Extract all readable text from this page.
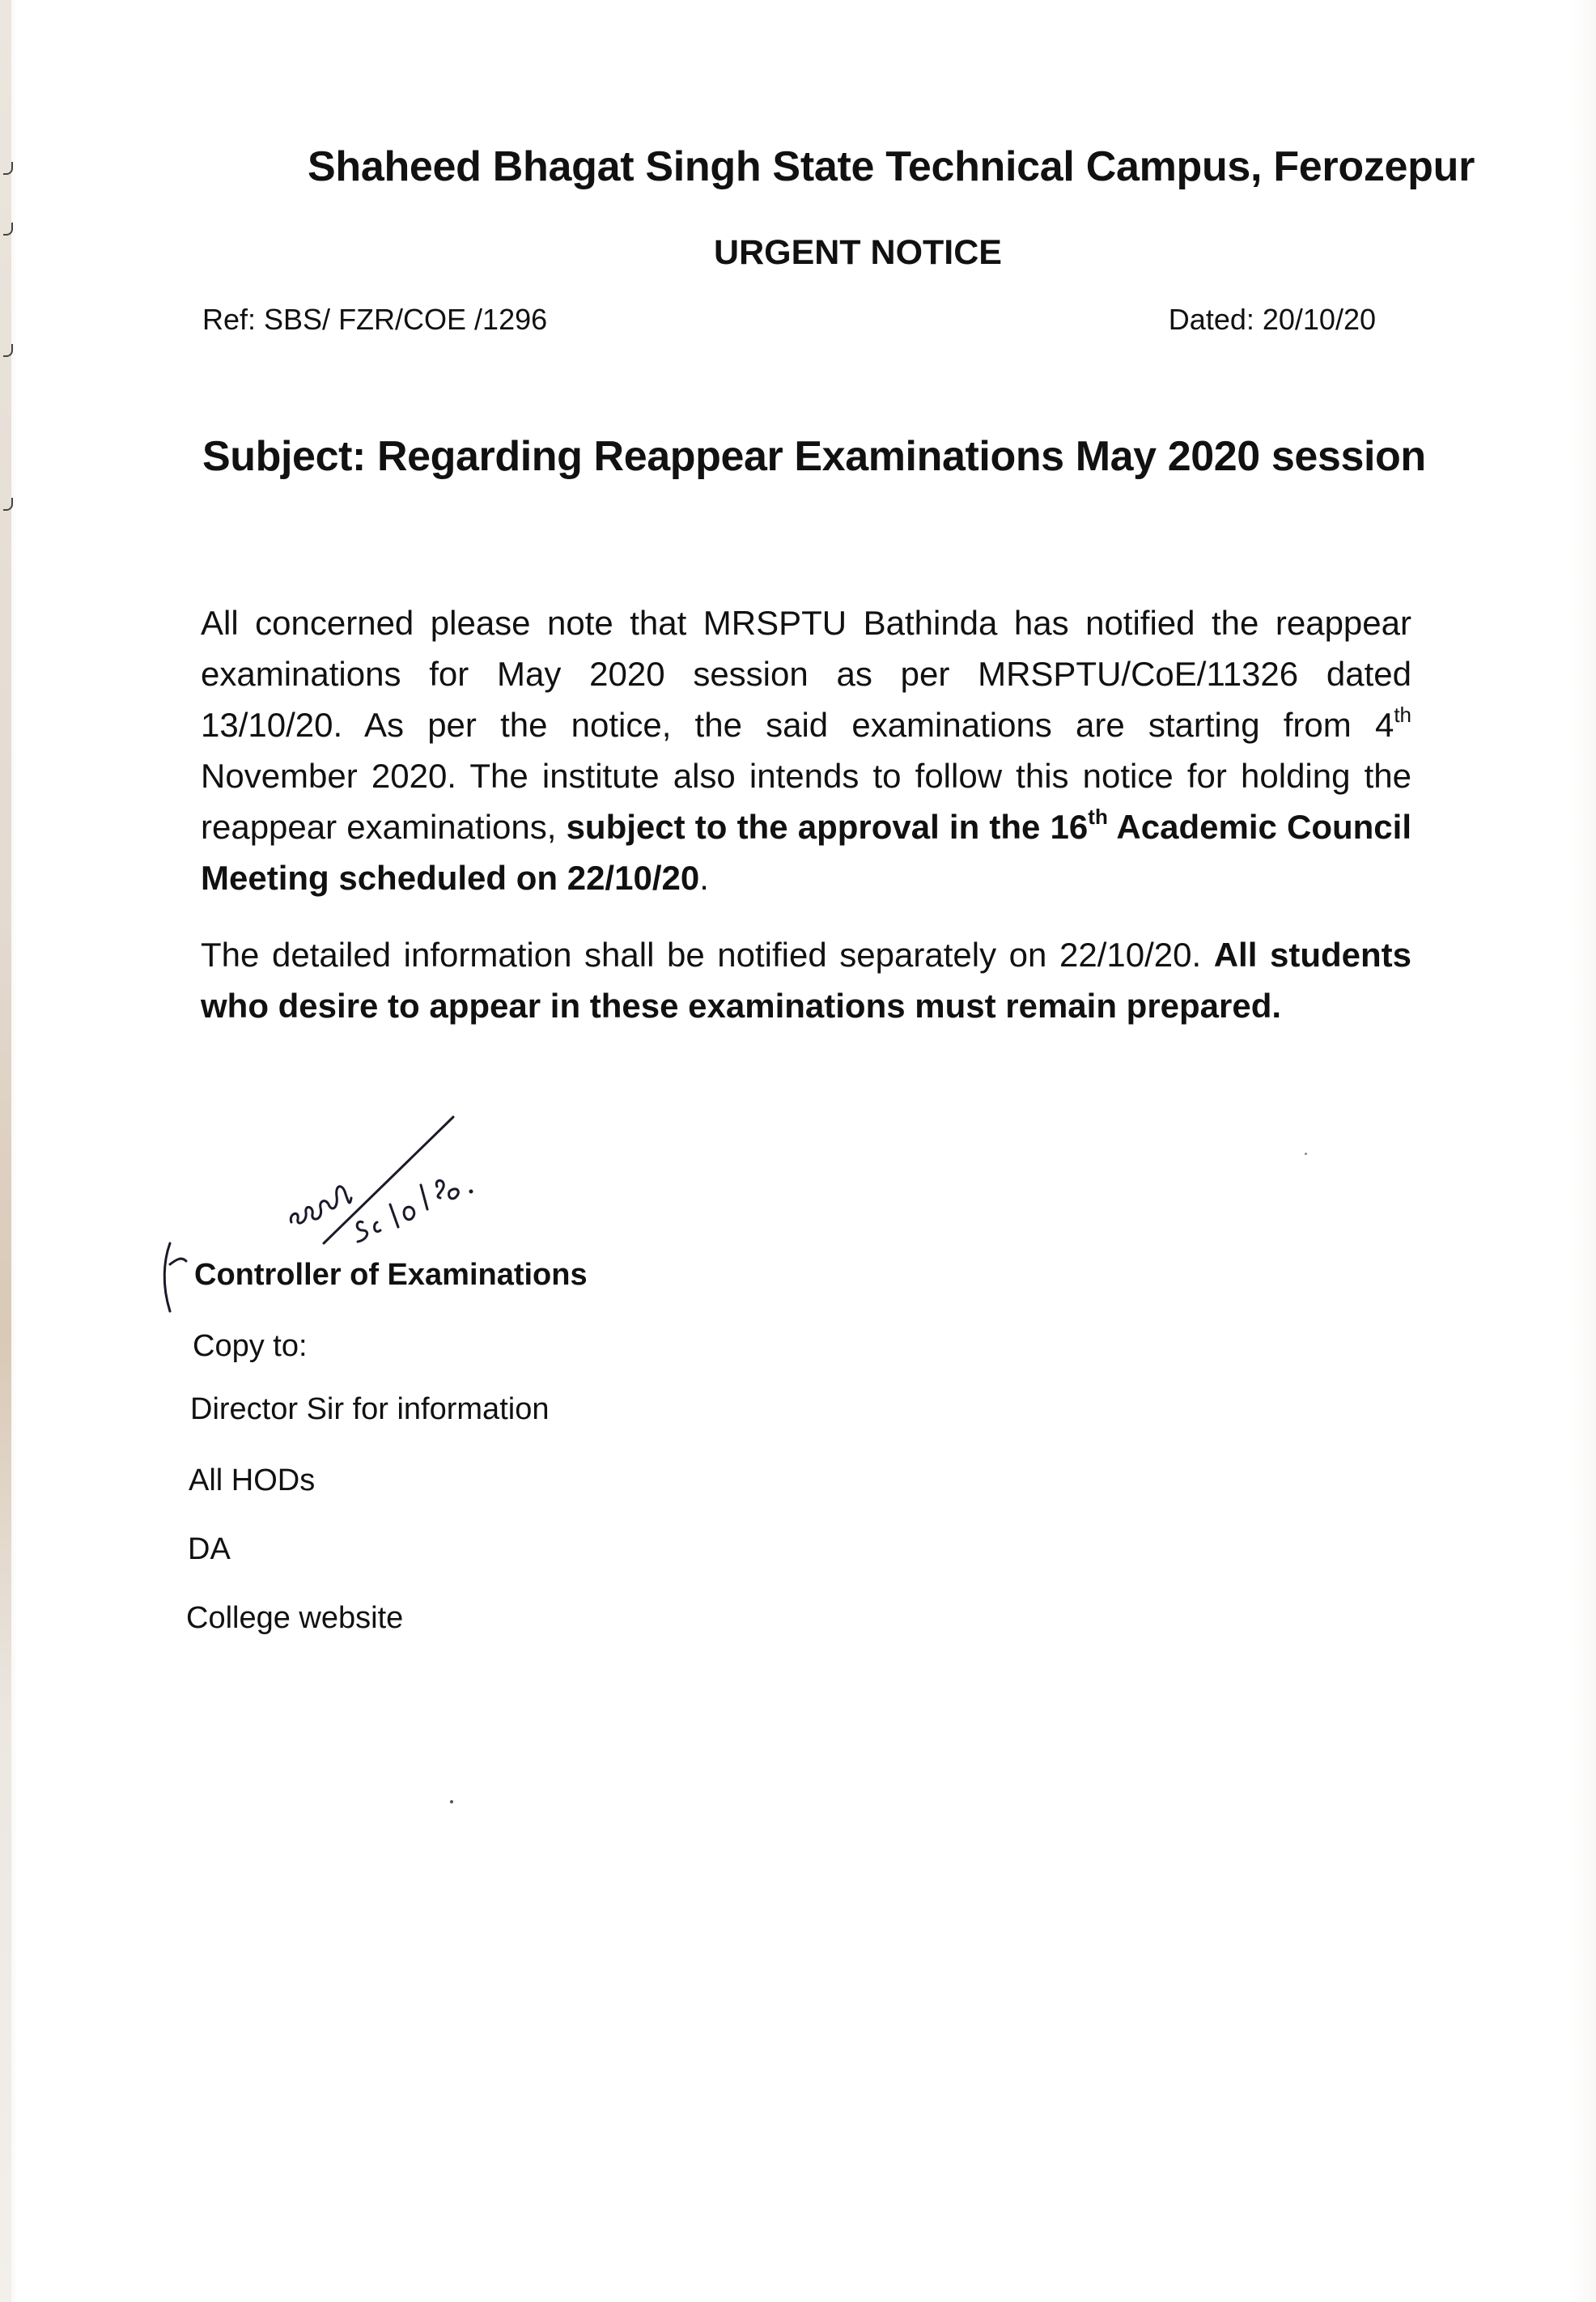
Shaheed Bhagat Singh State Technical Campus, Ferozepur
URGENT NOTICE
Ref: SBS/ FZR/COE /1296	Dated: 20/10/20
Subject: Regarding Reappear Examinations May 2020 session
All concerned please note that MRSPTU Bathinda has notified the reappear examinations for May 2020 session as per MRSPTU/CoE/11326 dated 13/10/20. As per the notice, the said examinations are starting from 4th November 2020. The institute also intends to follow this notice for holding the reappear examinations, subject to the approval in the 16th Academic Council Meeting scheduled on 22/10/20.
The detailed information shall be notified separately on 22/10/20. All students who desire to appear in these examinations must remain prepared.
Controller of Examinations
Copy to:
Director Sir for information
All HODs
DA
College website
